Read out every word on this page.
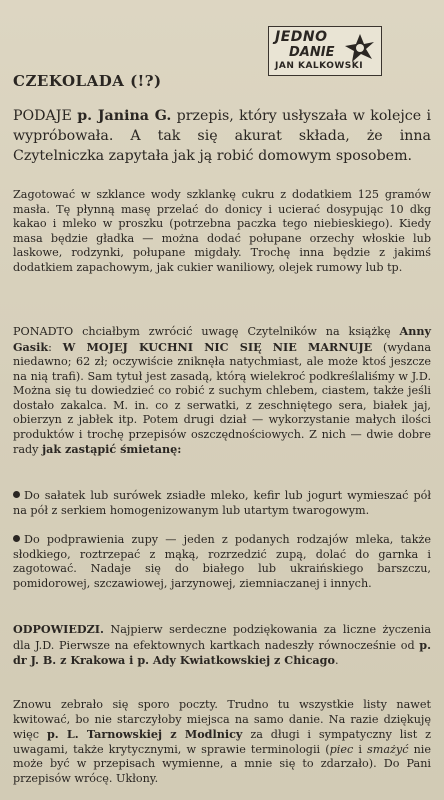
JEDNO
DANIE
JAN KALKOWSKI
CZEKOLADA (!?)
PODAJE p. Janina G. przepis, który usłyszała w kolejce i wypróbowała. A tak się akurat składa, że inna Czytelniczka zapytała jak ją robić domowym sposobem.
Zagotować w szklance wody szklankę cukru z dodatkiem 125 gramów masła. Tę płynną masę przelać do donicy i ucierać dosypując 10 dkg kakao i mleko w proszku (potrzebna paczka tego niebieskiego). Kiedy masa będzie gładka — można dodać połupane orzechy włoskie lub laskowe, rodzynki, połupane migdały. Trochę inna będzie z jakimś dodatkiem zapachowym, jak cukier waniliowy, olejek rumowy lub tp.
PONADTO chciałbym zwrócić uwagę Czytelników na książkę Anny Gasik: W MOJEJ KUCHNI NIC SIĘ NIE MARNUJE (wydana niedawno; 62 zł; oczywiście zniknęła natychmiast, ale może ktoś jeszcze na nią trafi). Sam tytuł jest zasadą, którą wielekroć podkreślaliśmy w J.D. Można się tu dowiedzieć co robić z suchym chlebem, ciastem, także jeśli dostało zakalca. M. in. co z serwatki, z zeschniętego sera, białek jaj, obierzyn z jabłek itp. Potem drugi dział — wykorzystanie małych ilości produktów i trochę przepisów oszczędnościowych. Z nich — dwie dobre rady jak zastąpić śmietanę:
Do sałatek lub surówek zsiadłe mleko, kefir lub jogurt wymieszać pół na pół z serkiem homogenizowanym lub utartym twarogowym.
Do podprawienia zupy — jeden z podanych rodzajów mleka, także słodkiego, roztrzepać z mąką, rozrzedzić zupą, dolać do garnka i zagotować. Nadaje się do białego lub ukraińskiego barszczu, pomidorowej, szczawiowej, jarzynowej, ziemniaczanej i innych.
ODPOWIEDZI. Najpierw serdeczne podziękowania za liczne życzenia dla J.D. Pierwsze na efektownych kartkach nadeszły równocześnie od p. dr J. B. z Krakowa i p. Ady Kwiatkowskiej z Chicago.
Znowu zebrało się sporo poczty. Trudno tu wszystkie listy nawet kwitować, bo nie starczyłoby miejsca na samo danie. Na razie dziękuję więc p. L. Tarnowskiej z Modlnicy za długi i sympatyczny list z uwagami, także krytycznymi, w sprawie terminologii (piec i smażyć nie może być w przepisach wymienne, a mnie się to zdarzało). Do Pani przepisów wrócę. Ukłony.
